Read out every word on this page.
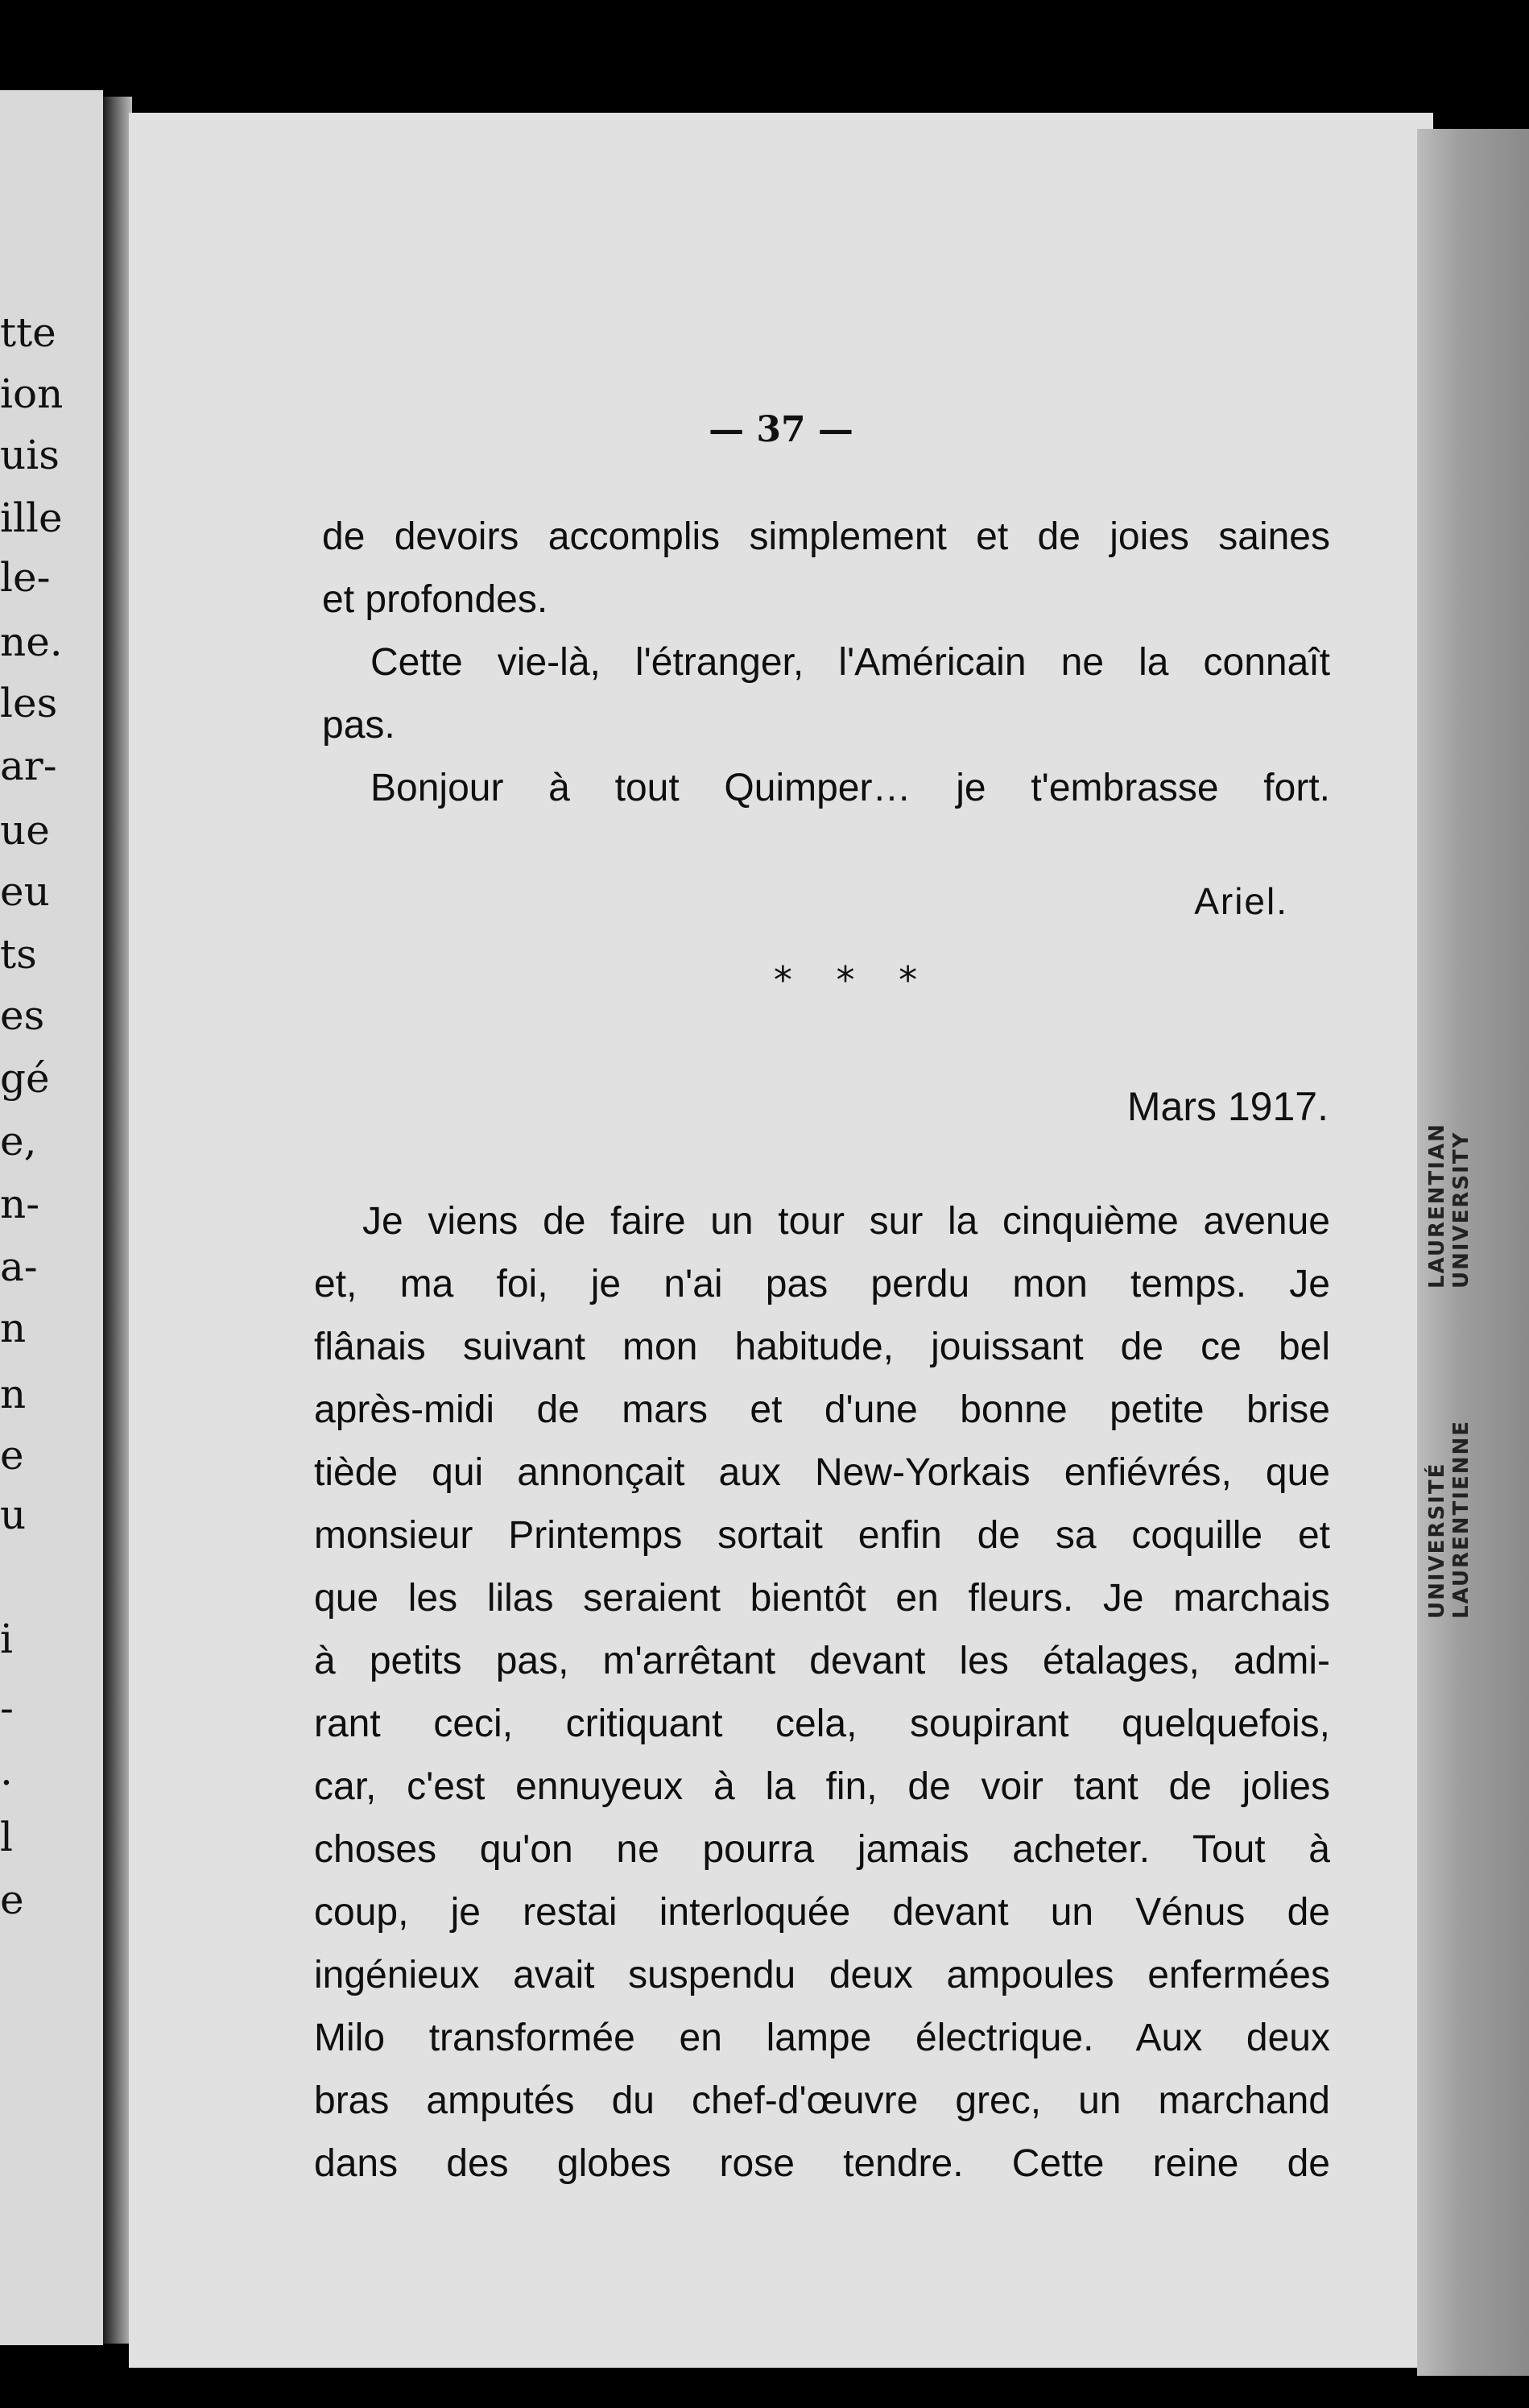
tte
ion
uis
ille
le-
ne.
les
ar-
ue
eu
ts
es
gé
e,
n-
a-
n
n
e
u
i
-
.
l
e
— 37 —
de devoirs accomplis simplement et de joies saines
et profondes.
Cette vie-là, l'étranger, l'Américain ne la connaît
pas.
Bonjour à tout Quimper… je t'embrasse fort.
Ariel.
* * *
Mars 1917.
Je viens de faire un tour sur la cinquième avenue
et, ma foi, je n'ai pas perdu mon temps. Je
flânais suivant mon habitude, jouissant de ce bel
après-midi de mars et d'une bonne petite brise
tiède qui annonçait aux New-Yorkais enfiévrés, que
monsieur Printemps sortait enfin de sa coquille et
que les lilas seraient bientôt en fleurs. Je marchais
à petits pas, m'arrêtant devant les étalages, admi-
rant ceci, critiquant cela, soupirant quelquefois,
car, c'est ennuyeux à la fin, de voir tant de jolies
choses qu'on ne pourra jamais acheter. Tout à
coup, je restai interloquée devant un Vénus de
ingénieux avait suspendu deux ampoules enfermées
Milo transformée en lampe électrique. Aux deux
bras amputés du chef-d'œuvre grec, un marchand
dans des globes rose tendre. Cette reine de
LAURENTIAN UNIVERSITY
UNIVERSITÉ LAURENTIENNE
